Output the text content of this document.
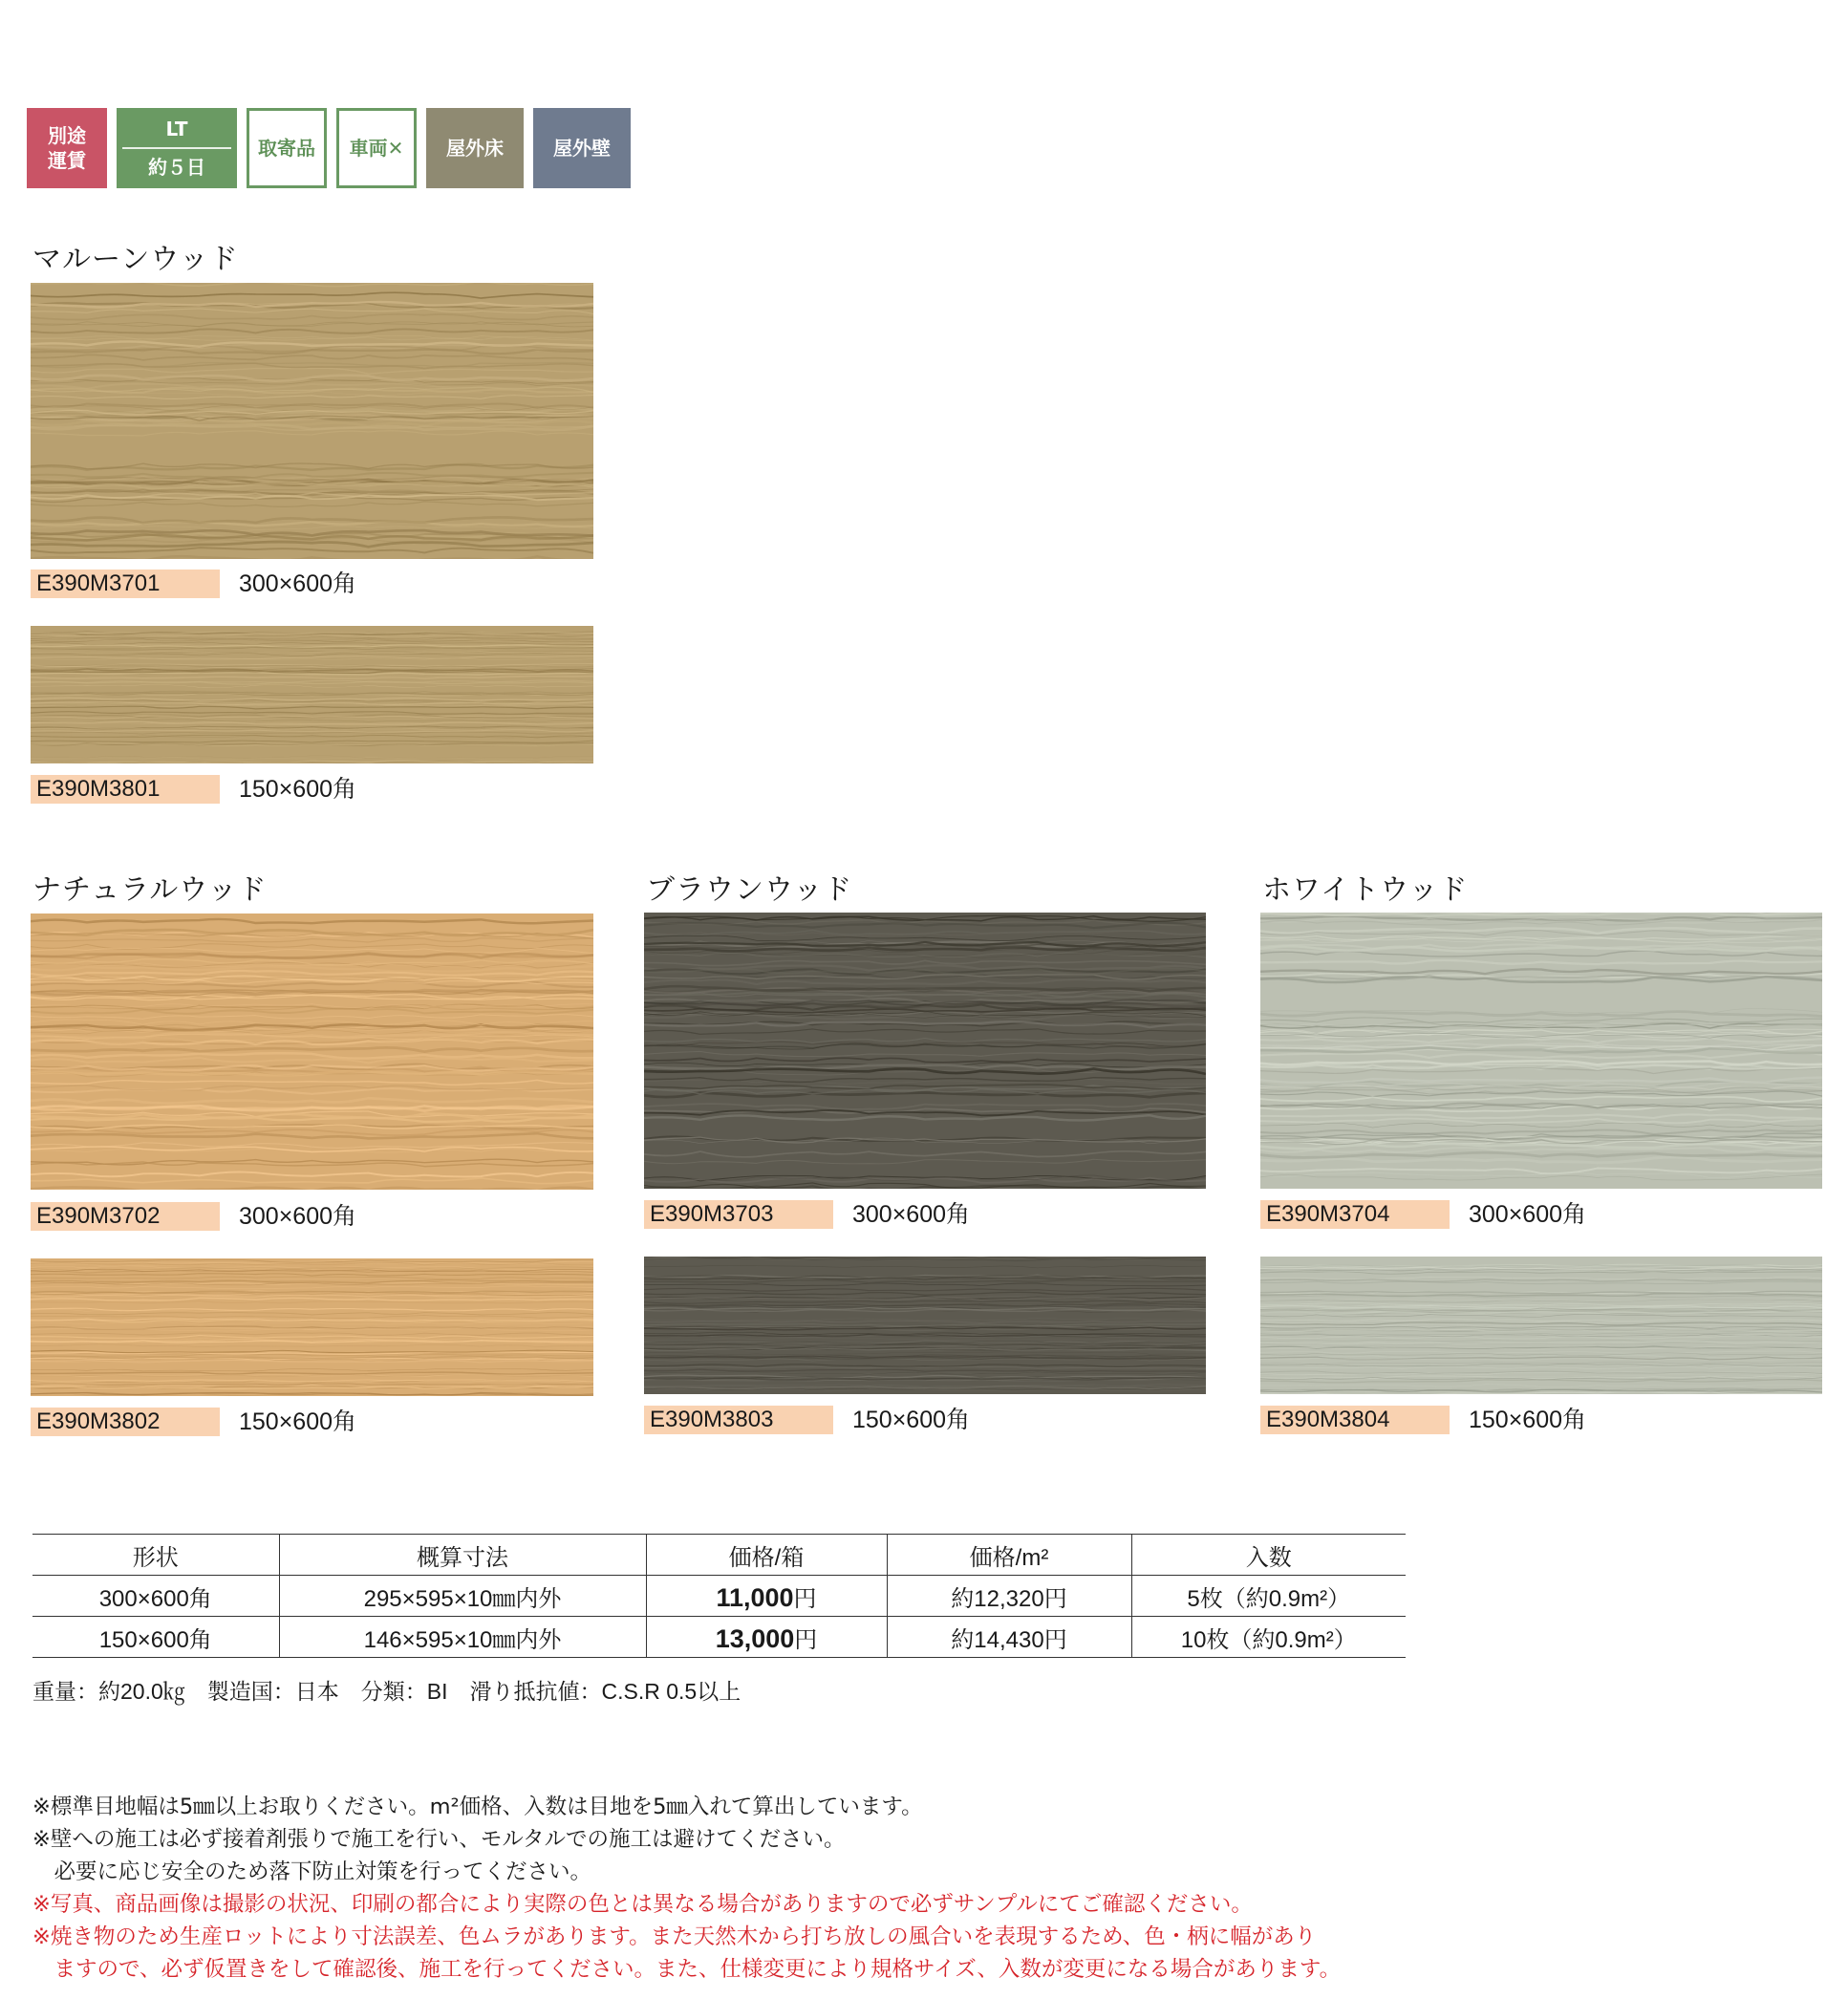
別途
運賃
LT
約５日
取寄品	車両✕	屋外床	屋外壁
マルーンウッド
E390M3701	300×600角
E390M3801	150×600角
ナチュラルウッド
E390M3702	300×600角
E390M3802	150×600角
ブラウンウッド
E390M3703	300×600角
E390M3803	150×600角
ホワイトウッド
E390M3704	300×600角
E390M3804	150×600角
形状	概算寸法	価格/箱	価格/m²	入数
300×600角	295×595×10㎜内外	11,000円	約12,320円	5枚（約0.9m²）
150×600角	146×595×10㎜内外	13,000円	約14,430円	10枚（約0.9m²）
重量：約20.0㎏　製造国：日本　分類：BI　滑り抵抗値：C.S.R 0.5以上
※標準目地幅は5㎜以上お取りください。m²価格、入数は目地を5㎜入れて算出しています。
※壁への施工は必ず接着剤張りで施工を行い、モルタルでの施工は避けてください。
　必要に応じ安全のため落下防止対策を行ってください。
※写真、商品画像は撮影の状況、印刷の都合により実際の色とは異なる場合がありますので必ずサンプルにてご確認ください。
※焼き物のため生産ロットにより寸法誤差、色ムラがあります。また天然木から打ち放しの風合いを表現するため、色・柄に幅があり
　ますので、必ず仮置きをして確認後、施工を行ってください。また、仕様変更により規格サイズ、入数が変更になる場合があります。
